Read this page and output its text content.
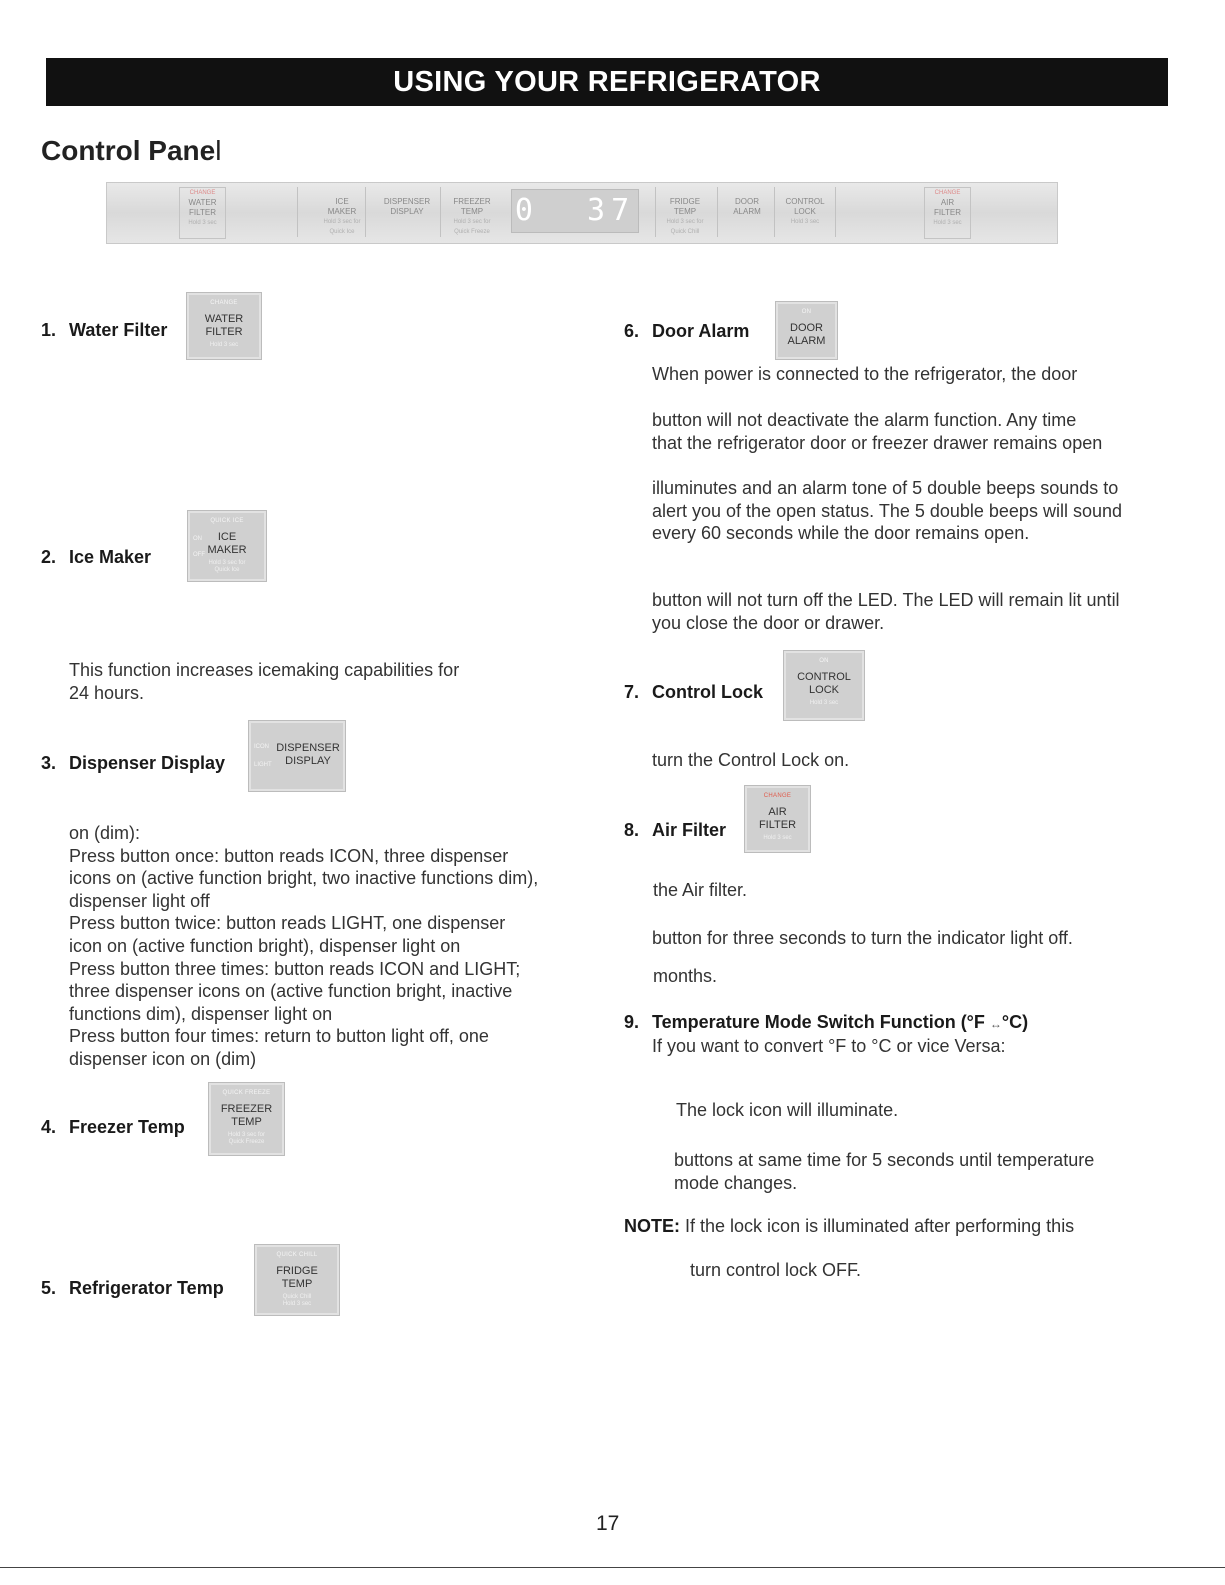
USING YOUR REFRIGERATOR
Control Panel
CHANGE
WATER
FILTER
Hold 3 sec

ICE
MAKER
Hold 3 sec for
Quick Ice

DISPENSER
DISPLAY

FREEZER
TEMP
Hold 3 sec for
Quick Freeze
0 37
	FRIDGE
TEMP
Hold 3 sec for
Quick Chill

DOOR
ALARM

CONTROL
LOCK
Hold 3 sec
CHANGE
AIR
FILTER
Hold 3 sec
1. Water Filter
CHANGE
WATER
FILTER
Hold 3 sec
2. Ice Maker
QUICK ICE
ON
OFF
ICE
MAKER
Hold 3 sec for
Quick Ice
This function increases icemaking capabilities for
24 hours.
3. Dispenser Display
ICON
LIGHT
DISPENSER
DISPLAY
on (dim):
Press button once: button reads ICON, three dispenser
icons on (active function bright, two inactive functions dim),
dispenser light off
Press button twice: button reads LIGHT, one dispenser
icon on (active function bright), dispenser light on
Press button three times: button reads ICON and LIGHT;
three dispenser icons on (active function bright, inactive
functions dim), dispenser light on
Press button four times: return to button light off, one
dispenser icon on (dim)
4. Freezer Temp
QUICK FREEZE
FREEZER
TEMP
Hold 3 sec for
Quick Freeze
5. Refrigerator Temp
QUICK CHILL
FRIDGE
TEMP
Quick Chill
Hold 3 sec
6. Door Alarm
ON
DOOR
ALARM
When power is connected to the refrigerator, the door
button will not deactivate the alarm function. Any time
that the refrigerator door or freezer drawer remains open
illuminutes and an alarm tone of 5 double beeps sounds to
alert you of the open status. The 5 double beeps will sound
every 60 seconds while the door remains open.
button will not turn off the LED. The LED will remain lit until
you close the door or drawer.
7. Control Lock
ON
CONTROL
LOCK
Hold 3 sec
turn the Control Lock on.
8. Air Filter
CHANGE
AIR
FILTER
Hold 3 sec
the Air filter.
button for three seconds to turn the indicator light off.
months.
9. Temperature Mode Switch Function (°F ↔°C)
If you want to convert °F to °C or vice Versa:
The lock icon will illuminate.
buttons at same time for 5 seconds until temperature
mode changes.
NOTE: If the lock icon is illuminated after performing this
turn control lock OFF.
17
